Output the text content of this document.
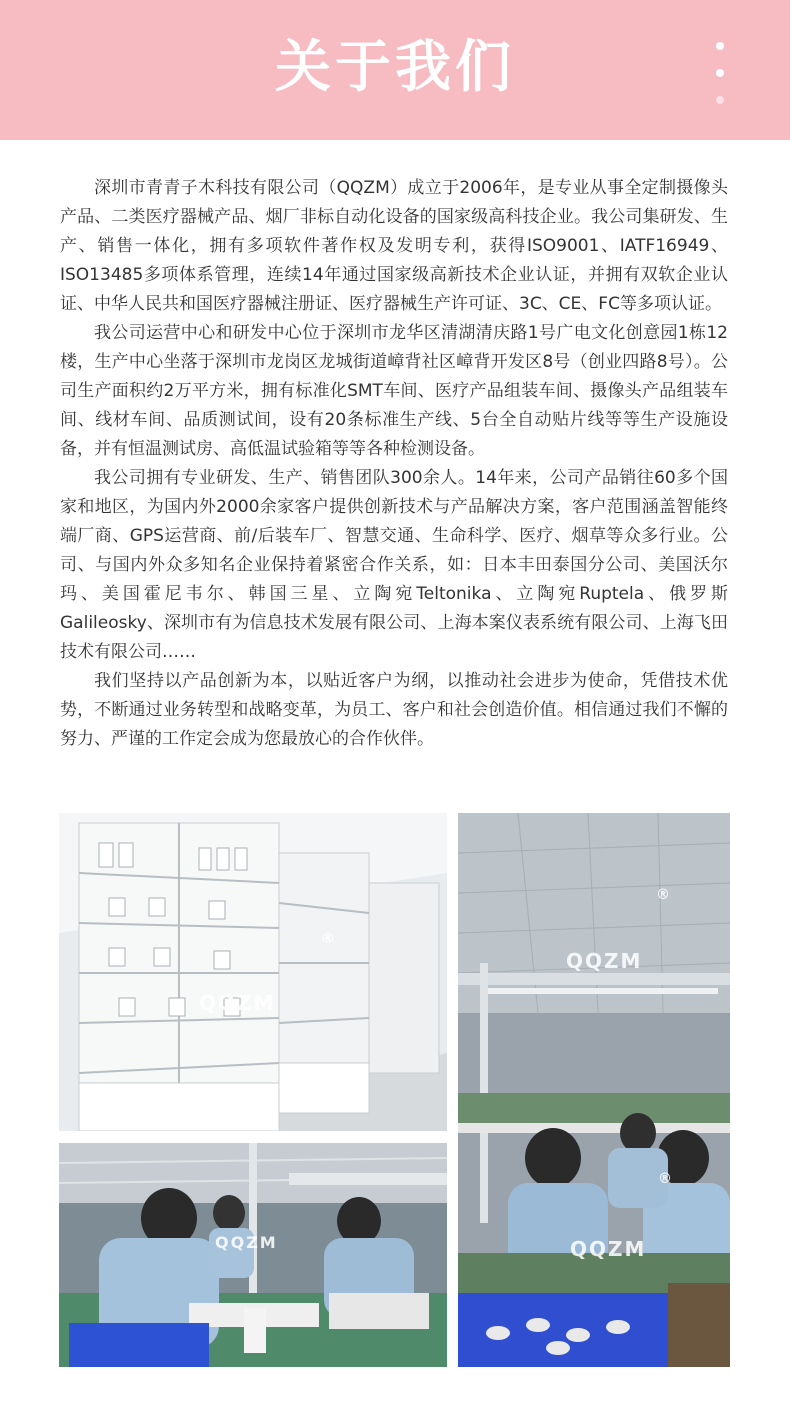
关于我们

深圳市青青子木科技有限公司（QQZM）成立于2006年，是专业从事全定制摄像头产品、二类医疗器械产品、烟厂非标自动化设备的国家级高科技企业。我公司集研发、生产、销售一体化，拥有多项软件著作权及发明专利，获得ISO9001、IATF16949、ISO13485多项体系管理，连续14年通过国家级高新技术企业认证，并拥有双软企业认证、中华人民共和国医疗器械注册证、医疗器械生产许可证、3C、CE、FC等多项认证。

我公司运营中心和研发中心位于深圳市龙华区清湖清庆路1号广电文化创意园1栋12楼，生产中心坐落于深圳市龙岗区龙城街道嶂背社区嶂背开发区8号（创业四路8号）。公司生产面积约2万平方米，拥有标准化SMT车间、医疗产品组装车间、摄像头产品组装车间、线材车间、品质测试间，设有20条标准生产线、5台全自动贴片线等等生产设施设备，并有恒温测试房、高低温试验箱等等各种检测设备。

我公司拥有专业研发、生产、销售团队300余人。14年来，公司产品销往60多个国家和地区，为国内外2000余家客户提供创新技术与产品解决方案，客户范围涵盖智能终端厂商、GPS运营商、前/后装车厂、智慧交通、生命科学、医疗、烟草等众多行业。公司、与国内外众多知名企业保持着紧密合作关系，如：日本丰田泰国分公司、美国沃尔玛、美国霍尼韦尔、韩国三星、立陶宛Teltonika、立陶宛Ruptela、俄罗斯Galileosky、深圳市有为信息技术发展有限公司、上海本案仪表系统有限公司、上海飞田技术有限公司……

我们坚持以产品创新为本，以贴近客户为纲，以推动社会进步为使命，凭借技术优势，不断通过业务转型和战略变革，为员工、客户和社会创造价值。相信通过我们不懈的努力、严谨的工作定会成为您最放心的合作伙伴。

QQZM
®
QQZM
®
QQZM
®
QQZM
